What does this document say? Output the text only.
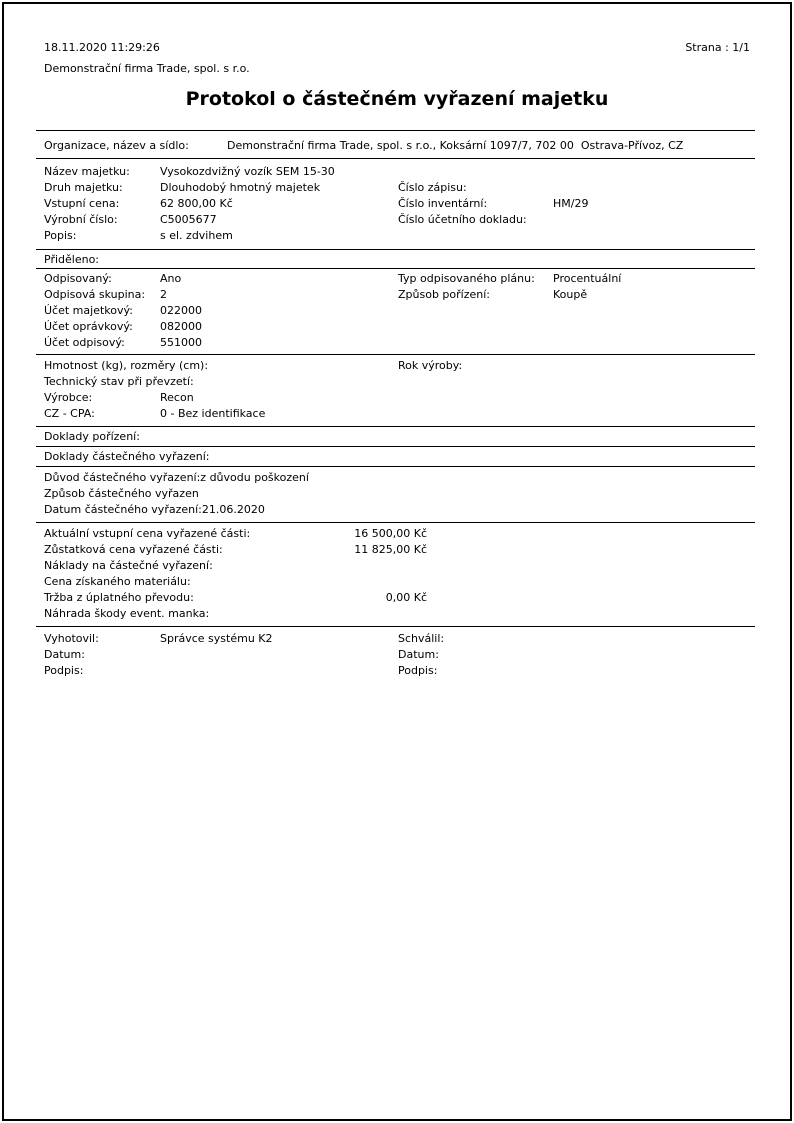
18.11.2020 11:29:26	Strana : 1/1
Demonstrační firma Trade, spol. s r.o.
Protokol o částečném vyřazení majetku
Organizace, název a sídlo:	Demonstrační firma Trade, spol. s r.o., Koksární 1097/7, 702 00  Ostrava-Přívoz, CZ
Název majetku:	Vysokozdvižný vozík SEM 15-30
Druh majetku:	Dlouhodobý hmotný majetek	Číslo zápisu:
Vstupní cena:	62 800,00 Kč	Číslo inventární:	HM/29
Výrobní číslo:	C5005677	Číslo účetního dokladu:
Popis:	s el. zdvihem
Přiděleno:
Odpisovaný:	Ano	Typ odpisovaného plánu:	Procentuální
Odpisová skupina:	2	Způsob pořízení:	Koupě
Účet majetkový:	022000
Účet oprávkový:	082000
Účet odpisový:	551000
Hmotnost (kg), rozměry (cm):	Rok výroby:
Technický stav při převzetí:
Výrobce:	Recon
CZ - CPA:	0 - Bez identifikace
Doklady pořízení:
Doklady částečného vyřazení:
Důvod částečného vyřazení:z důvodu poškození
Způsob částečného vyřazen
Datum částečného vyřazení:21.06.2020
Aktuální vstupní cena vyřazené části:	16 500,00 Kč
Zůstatková cena vyřazené části:	11 825,00 Kč
Náklady na částečné vyřazení:
Cena získaného materiálu:
Tržba z úplatného převodu:	0,00 Kč
Náhrada škody event. manka:
Vyhotovil:	Správce systému K2	Schválil:
Datum:	Datum:
Podpis:	Podpis:
